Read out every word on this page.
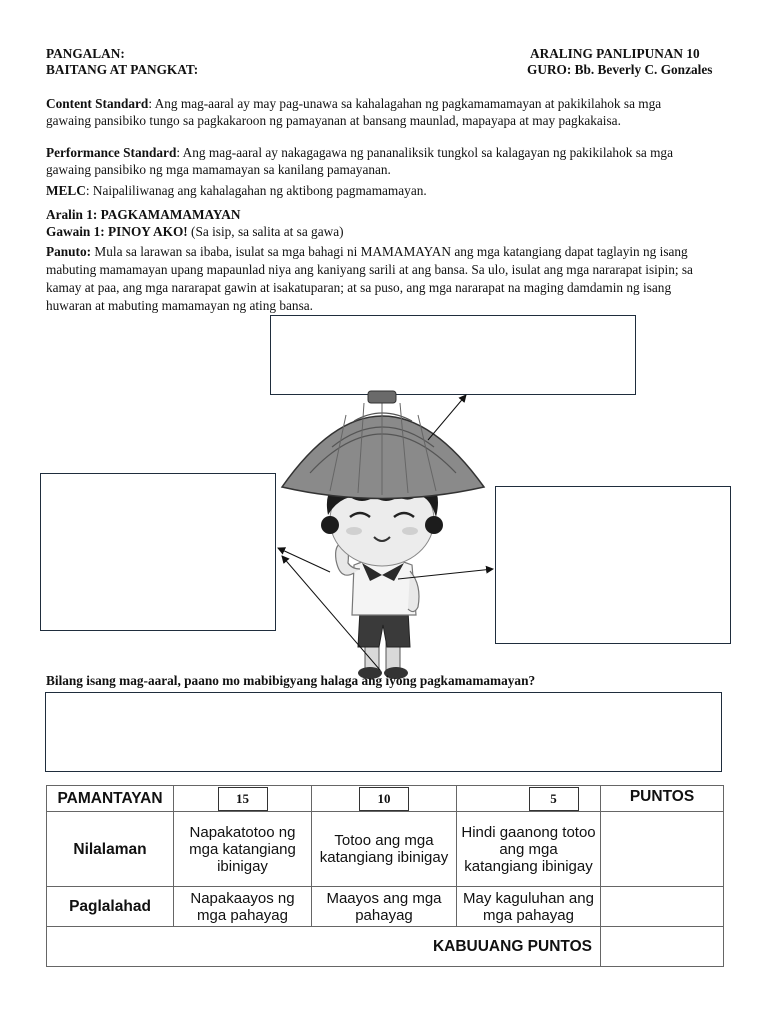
PANGALAN:
BAITANG AT PANGKAT:
ARALING PANLIPUNAN 10
GURO: Bb. Beverly C. Gonzales
Content Standard: Ang mag-aaral ay may pag-unawa sa kahalagahan ng pagkamamamayan at pakikilahok sa mga
gawaing pansibiko tungo sa pagkakaroon ng pamayanan at bansang maunlad, mapayapa at may pagkakaisa.
Performance Standard: Ang mag-aaral ay nakagagawa ng pananaliksik tungkol sa kalagayan ng pakikilahok sa mga
gawaing pansibiko ng mga mamamayan sa kanilang pamayanan.
MELC: Naipaliliwanag ang kahalagahan ng aktibong pagmamamayan.
Aralin 1: PAGKAMAMAMAYAN
Gawain 1: PINOY AKO! (Sa isip, sa salita at sa gawa)
Panuto: Mula sa larawan sa ibaba, isulat sa mga bahagi ni MAMAMAYAN ang mga katangiang dapat taglayin ng isang
mabuting mamamayan upang mapaunlad niya ang kaniyang sarili at ang bansa. Sa ulo, isulat ang mga nararapat isipin; sa
kamay at paa, ang mga nararapat gawin at isakatuparan; at sa puso, ang mga nararapat na maging damdamin ng isang
huwaran at mabuting mamamayan ng ating bansa.
Bilang isang mag-aaral, paano mo mabibigyang halaga ang iyong pagkamamamayan?
PAMANTAYAN	15	10	5	PUNTOS
Nilalaman	Napakatotoo ng mga katangiang ibinigay	Totoo ang mga katangiang ibinigay	Hindi gaanong totoo ang mga katangiang ibinigay	
Paglalahad	Napakaayos ng mga pahayag	Maayos ang mga pahayag	May kaguluhan ang mga pahayag	
KABUUANG PUNTOS				
